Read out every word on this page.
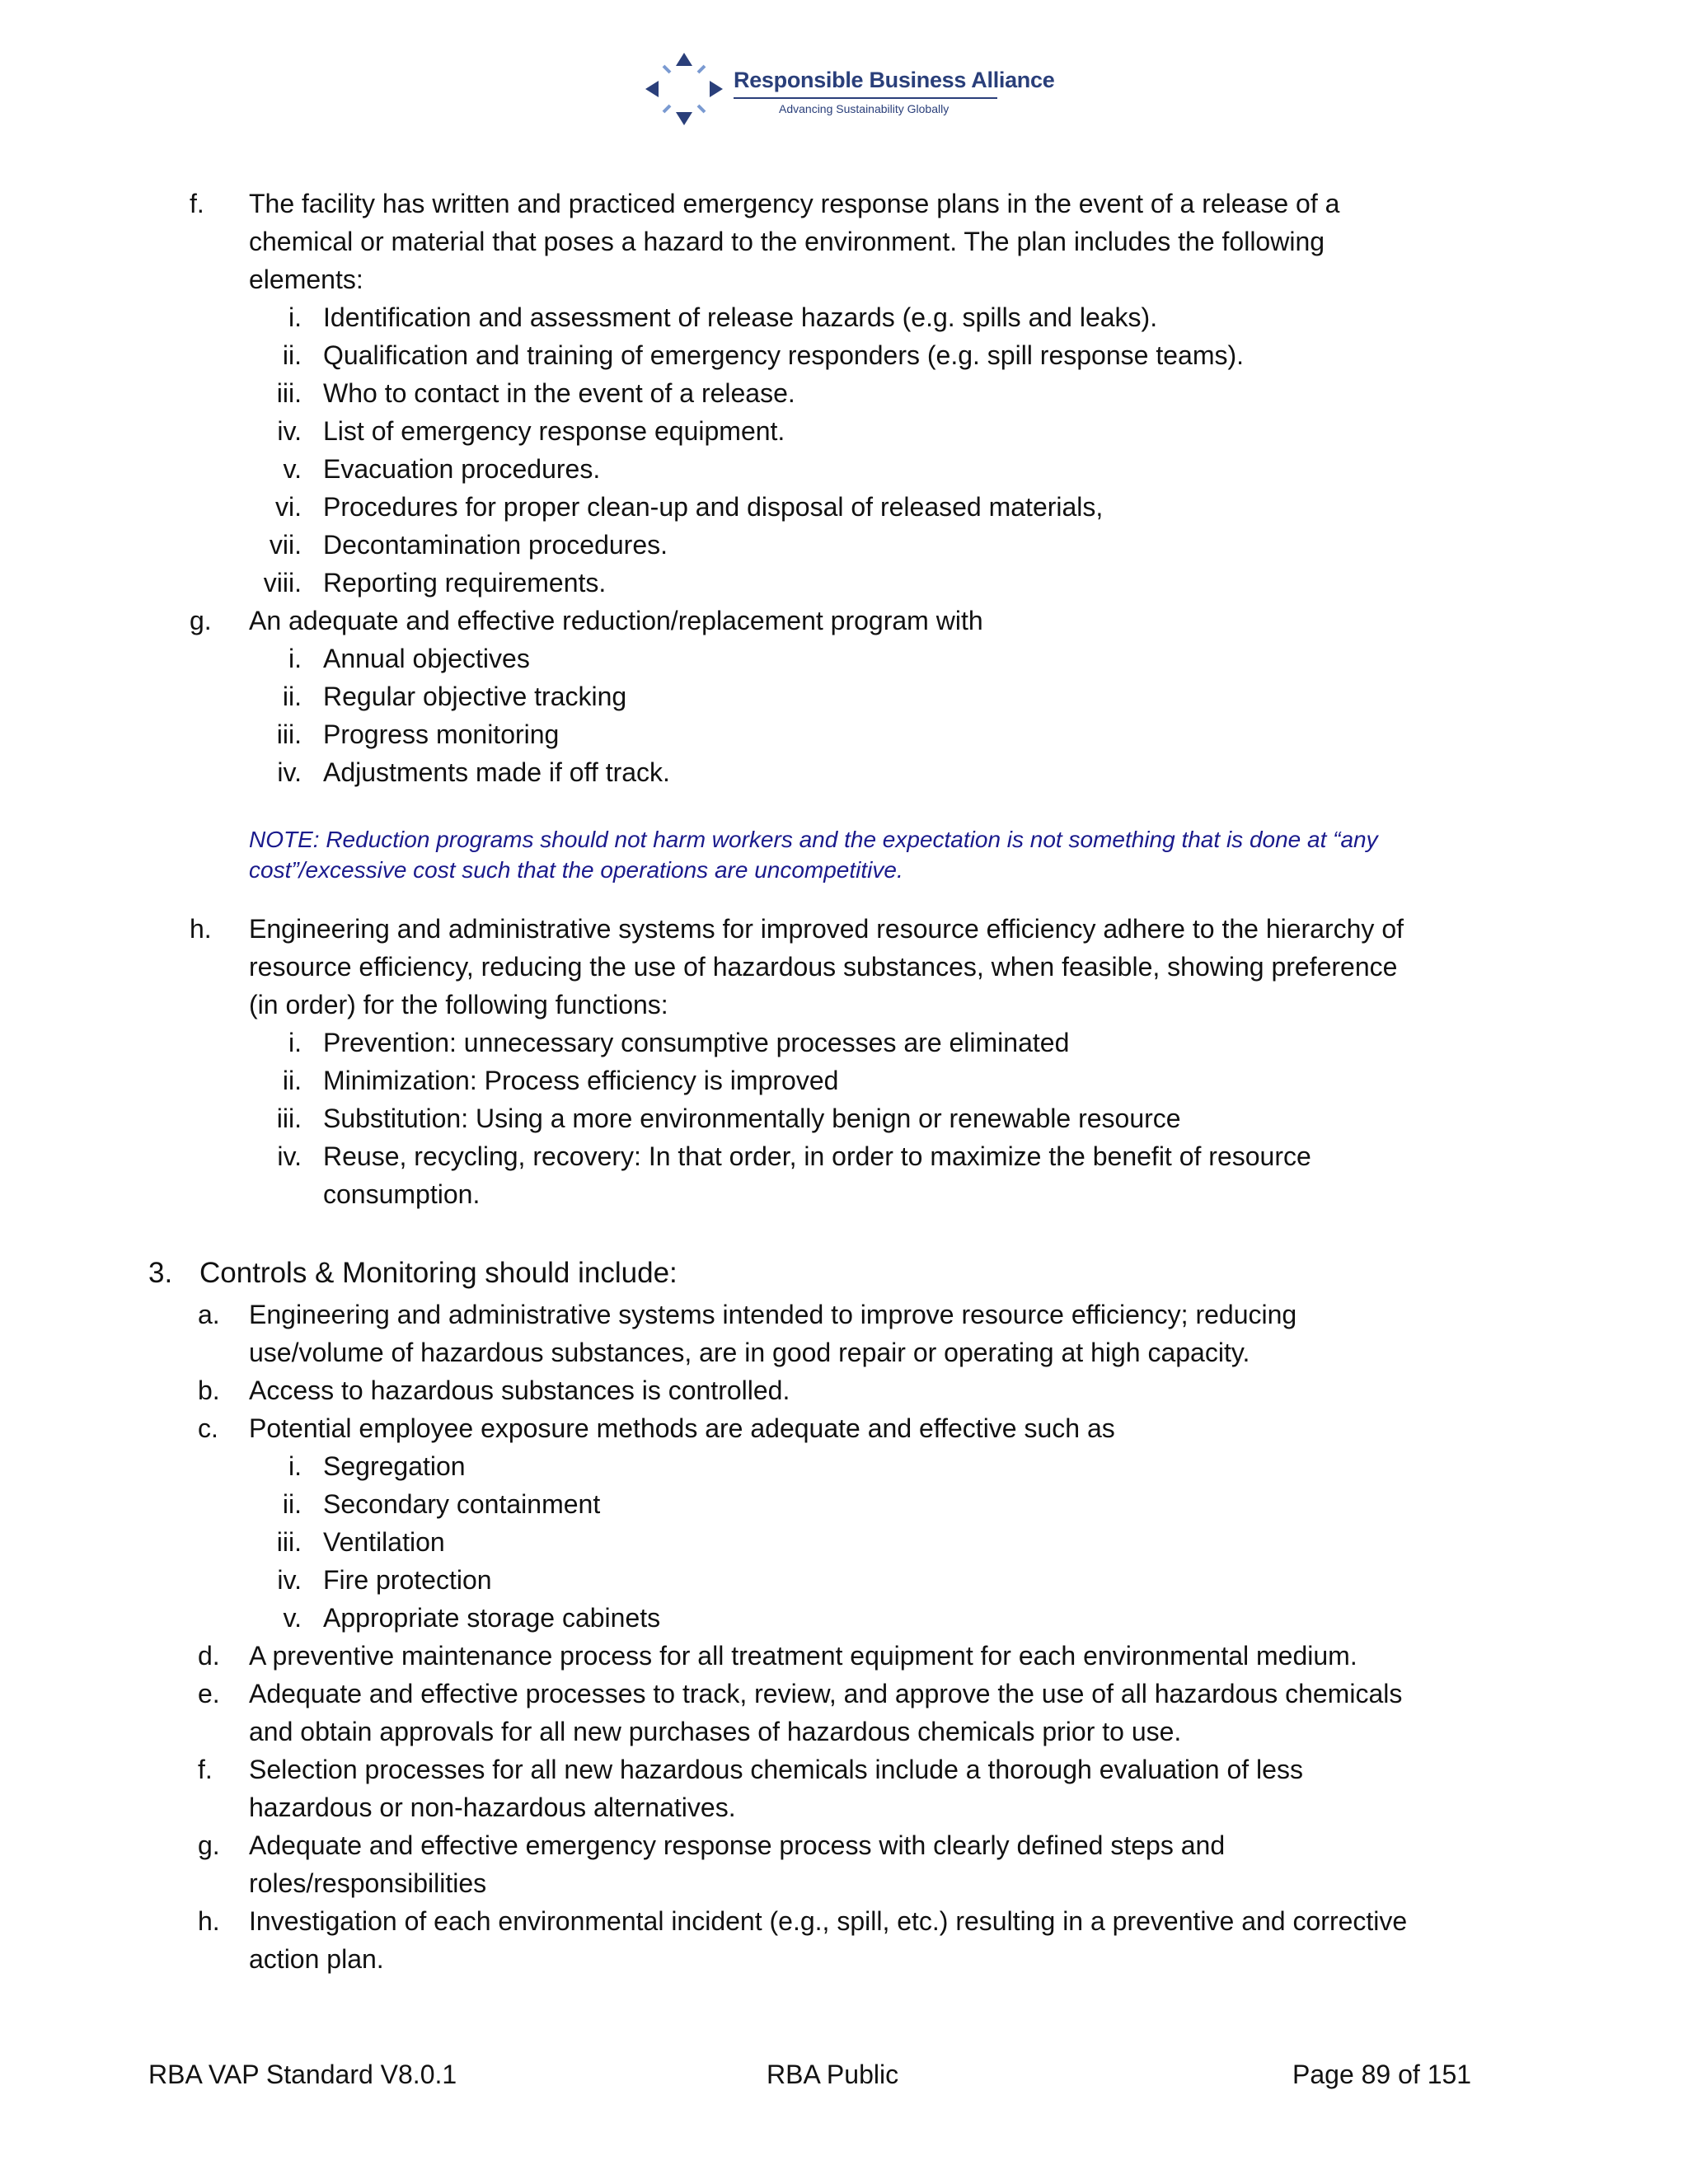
Responsible Business Alliance
Advancing Sustainability Globally
f.	The facility has written and practiced emergency response plans in the event of a release of a
chemical or material that poses a hazard to the environment. The plan includes the following
elements:
i. Identification and assessment of release hazards (e.g. spills and leaks).
ii. Qualification and training of emergency responders (e.g. spill response teams).
iii. Who to contact in the event of a release.
iv. List of emergency response equipment.
v. Evacuation procedures.
vi. Procedures for proper clean-up and disposal of released materials,
vii. Decontamination procedures.
viii. Reporting requirements.
g.	An adequate and effective reduction/replacement program with
i. Annual objectives
ii. Regular objective tracking
iii. Progress monitoring
iv. Adjustments made if off track.
NOTE: Reduction programs should not harm workers and the expectation is not something that is done at “any
cost”/excessive cost such that the operations are uncompetitive.
h.	Engineering and administrative systems for improved resource efficiency adhere to the hierarchy of
resource efficiency, reducing the use of hazardous substances, when feasible, showing preference
(in order) for the following functions:
i. Prevention: unnecessary consumptive processes are eliminated
ii. Minimization: Process efficiency is improved
iii. Substitution: Using a more environmentally benign or renewable resource
iv. Reuse, recycling, recovery: In that order, in order to maximize the benefit of resource
consumption.
3. Controls & Monitoring should include:
a.	Engineering and administrative systems intended to improve resource efficiency; reducing
use/volume of hazardous substances, are in good repair or operating at high capacity.
b.	Access to hazardous substances is controlled.
c.	Potential employee exposure methods are adequate and effective such as
i. Segregation
ii. Secondary containment
iii. Ventilation
iv. Fire protection
v. Appropriate storage cabinets
d.	A preventive maintenance process for all treatment equipment for each environmental medium.
e.	Adequate and effective processes to track, review, and approve the use of all hazardous chemicals
and obtain approvals for all new purchases of hazardous chemicals prior to use.
f.	Selection processes for all new hazardous chemicals include a thorough evaluation of less
hazardous or non-hazardous alternatives.
g.	Adequate and effective emergency response process with clearly defined steps and
roles/responsibilities
h.	Investigation of each environmental incident (e.g., spill, etc.) resulting in a preventive and corrective
action plan.
RBA VAP Standard V8.0.1	RBA Public	Page 89 of 151
